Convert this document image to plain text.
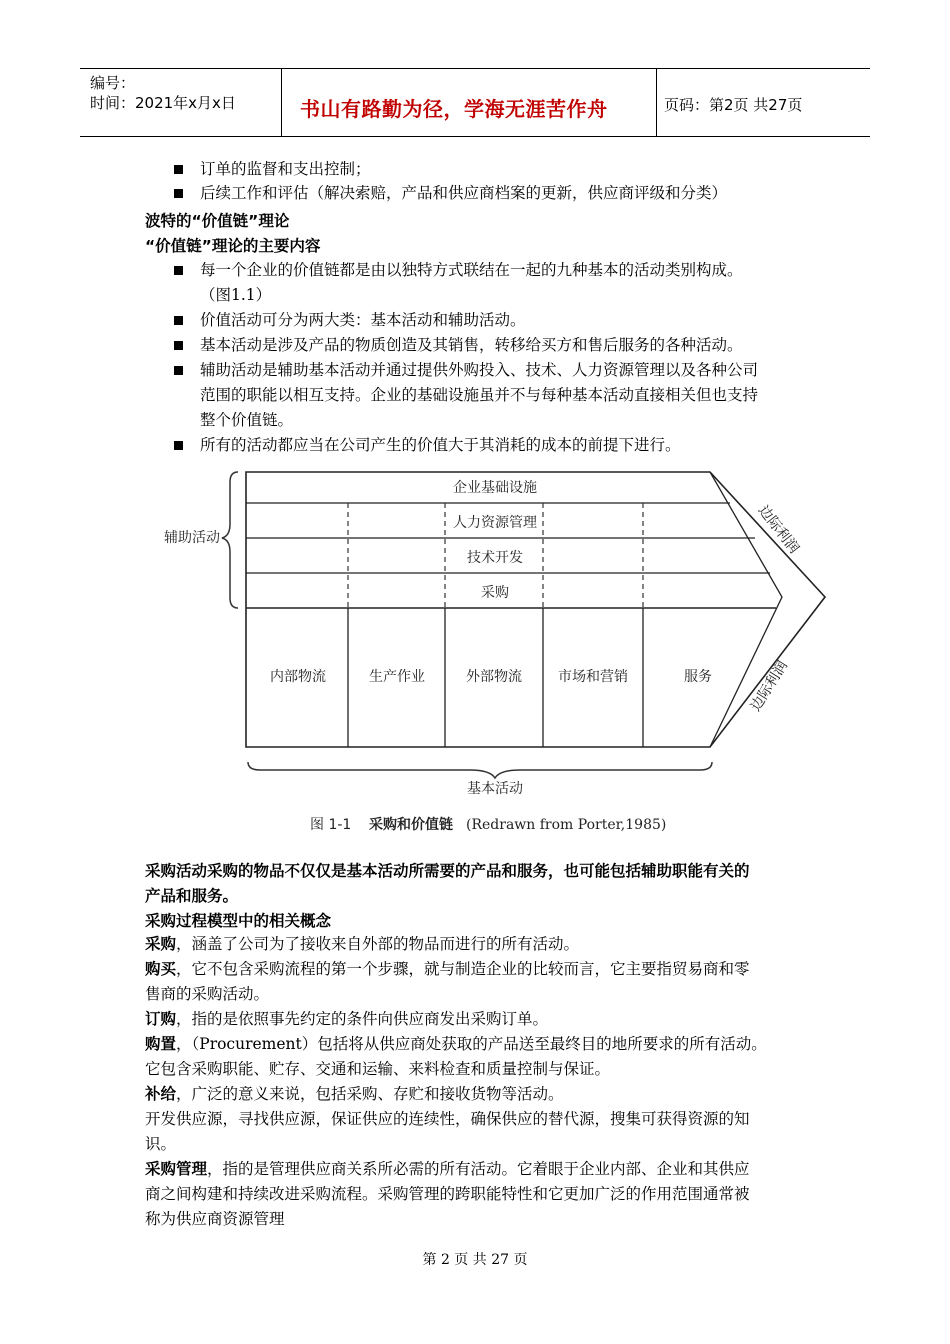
编号：
时间：2021年x月x日	书山有路勤为径，学海无涯苦作舟	页码：第2页 共27页
订单的监督和支出控制；
后续工作和评估（解决索赔，产品和供应商档案的更新，供应商评级和分类）
波特的“价值链”理论
“价值链”理论的主要内容
每一个企业的价值链都是由以独特方式联结在一起的九种基本的活动类别构成。
（图1.1）
价值活动可分为两大类：基本活动和辅助活动。
基本活动是涉及产品的物质创造及其销售，转移给买方和售后服务的各种活动。
辅助活动是辅助基本活动并通过提供外购投入、技术、人力资源管理以及各种公司
范围的职能以相互支持。企业的基础设施虽并不与每种基本活动直接相关但也支持
整个价值链。
所有的活动都应当在公司产生的价值大于其消耗的成本的前提下进行。
辅助活动
企业基础设施
人力资源管理
技术开发
采购
内部物流	生产作业	外部物流	市场和营销	服务
边际利润
边际利润
基本活动
图 1-1 采购和价值链 (Redrawn from Porter,1985)
采购活动采购的物品不仅仅是基本活动所需要的产品和服务，也可能包括辅助职能有关的
产品和服务。
采购过程模型中的相关概念
采购，涵盖了公司为了接收来自外部的物品而进行的所有活动。
购买，它不包含采购流程的第一个步骤，就与制造企业的比较而言，它主要指贸易商和零
售商的采购活动。
订购，指的是依照事先约定的条件向供应商发出采购订单。
购置，（Procurement）包括将从供应商处获取的产品送至最终目的地所要求的所有活动。
它包含采购职能、贮存、交通和运输、来料检查和质量控制与保证。
补给，广泛的意义来说，包括采购、存贮和接收货物等活动。
开发供应源，寻找供应源，保证供应的连续性，确保供应的替代源，搜集可获得资源的知
识。
采购管理，指的是管理供应商关系所必需的所有活动。它着眼于企业内部、企业和其供应
商之间构建和持续改进采购流程。采购管理的跨职能特性和它更加广泛的作用范围通常被
称为供应商资源管理
第 2 页 共 27 页
